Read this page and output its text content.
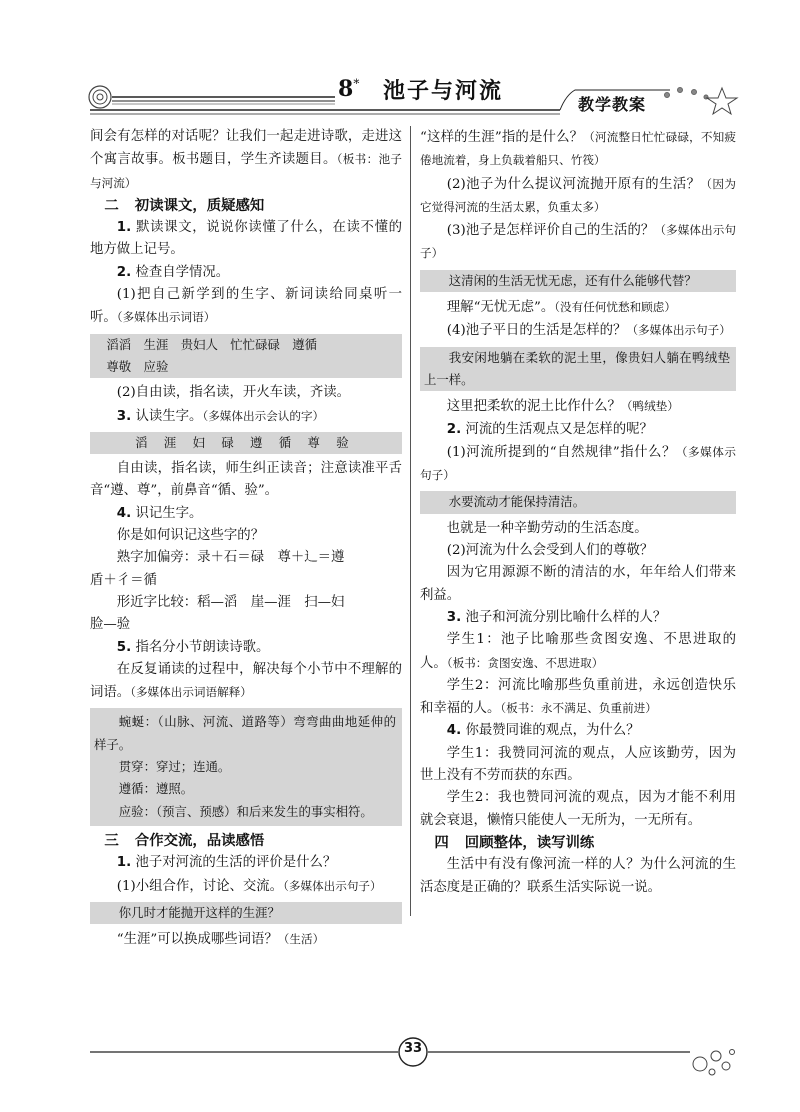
8* 池子与河流
教学教案

间会有怎样的对话呢？让我们一起走进诗歌，走进这个寓言故事。板书题目，学生齐读题目。（板书：池子与河流）

二 初读课文，质疑感知

1. 默读课文，说说你读懂了什么，在读不懂的地方做上记号。

2. 检查自学情况。

(1)把自己新学到的生字、新词读给同桌听一听。（多媒体出示词语）

滔滔　生涯　贵妇人　忙忙碌碌　遵循

尊敬　应验

(2)自由读，指名读，开火车读，齐读。

3. 认读生字。（多媒体出示会认的字）

滔 涯 妇 碌 遵 循 尊 验

自由读，指名读，师生纠正读音；注意读准平舌音“遵、尊”，前鼻音“循、验”。

4. 识记生字。

你是如何识记这些字的？

熟字加偏旁：录＋石＝碌　尊＋辶＝遵

盾＋彳＝循

形近字比较：稻—滔　崖—涯　扫—妇

脸—验

5. 指名分小节朗读诗歌。

在反复诵读的过程中，解决每个小节中不理解的词语。（多媒体出示词语解释）

蜿蜒：（山脉、河流、道路等）弯弯曲曲地延伸的样子。

贯穿：穿过；连通。

遵循：遵照。

应验：（预言、预感）和后来发生的事实相符。

三 合作交流，品读感悟

1. 池子对河流的生活的评价是什么？

(1)小组合作，讨论、交流。（多媒体出示句子）

你几时才能抛开这样的生涯？

“生涯”可以换成哪些词语？（生活）

“这样的生涯”指的是什么？（河流整日忙忙碌碌，不知疲倦地流着，身上负载着船只、竹筏）

(2)池子为什么提议河流抛开原有的生活？（因为它觉得河流的生活太累，负重太多）

(3)池子是怎样评价自己的生活的？（多媒体出示句子）

这清闲的生活无忧无虑，还有什么能够代替？

理解“无忧无虑”。（没有任何忧愁和顾虑）

(4)池子平日的生活是怎样的？（多媒体出示句子）

我安闲地躺在柔软的泥土里，像贵妇人躺在鸭绒垫上一样。

这里把柔软的泥土比作什么？（鸭绒垫）

2. 河流的生活观点又是怎样的呢？

(1)河流所提到的“自然规律”指什么？（多媒体示句子）

水要流动才能保持清洁。

也就是一种辛勤劳动的生活态度。

(2)河流为什么会受到人们的尊敬？

因为它用源源不断的清洁的水，年年给人们带来利益。

3. 池子和河流分别比喻什么样的人？

学生1：池子比喻那些贪图安逸、不思进取的人。（板书：贪图安逸、不思进取）

学生2：河流比喻那些负重前进，永远创造快乐和幸福的人。（板书：永不满足、负重前进）

4. 你最赞同谁的观点，为什么？

学生1：我赞同河流的观点，人应该勤劳，因为世上没有不劳而获的东西。

学生2：我也赞同河流的观点，因为才能不利用就会衰退，懒惰只能使人一无所为，一无所有。

四 回顾整体，读写训练

生活中有没有像河流一样的人？为什么河流的生活态度是正确的？联系生活实际说一说。

33
